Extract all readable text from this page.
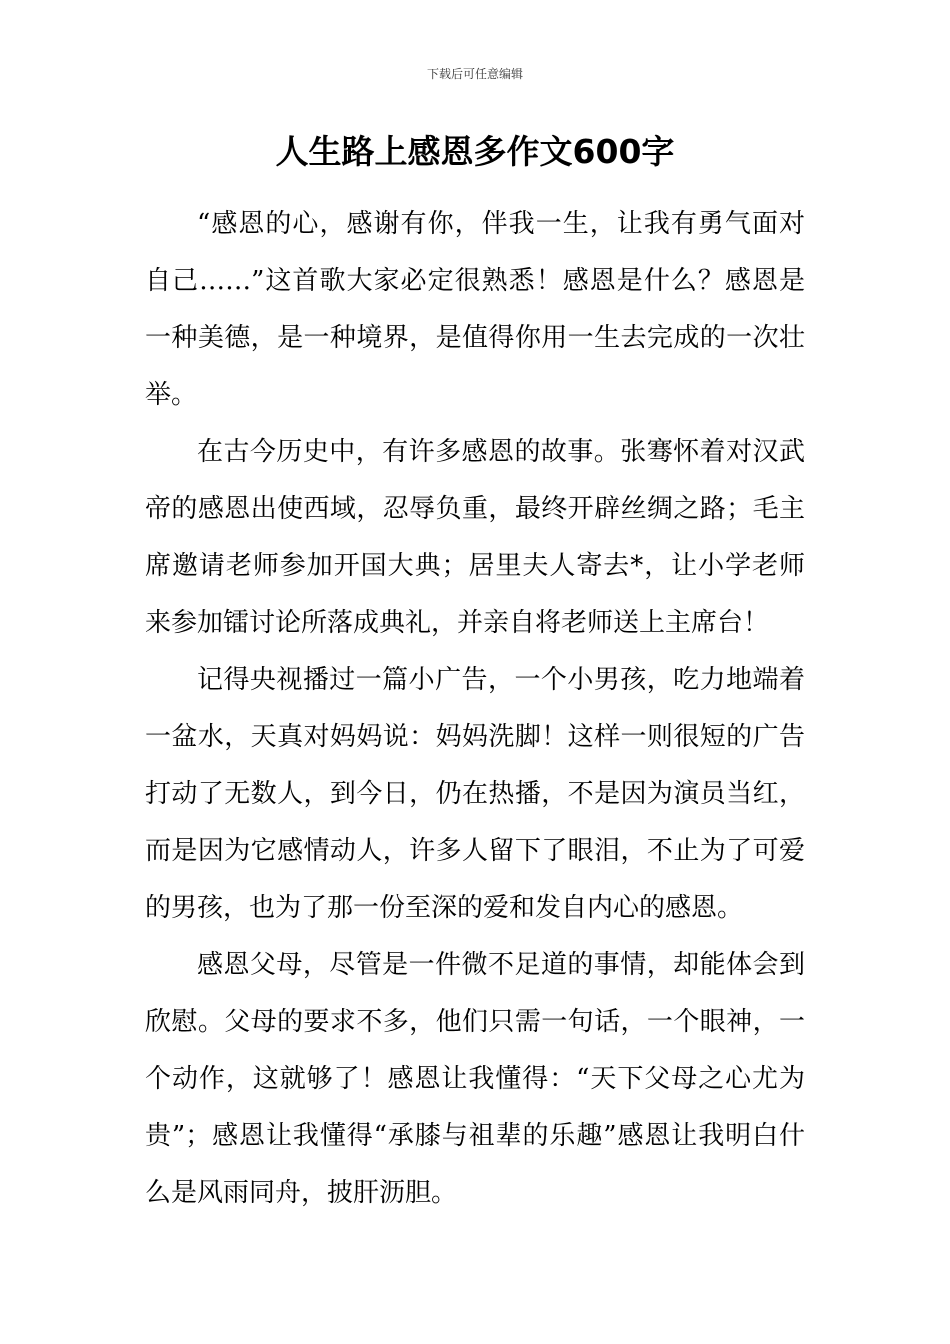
下载后可任意编辑
人生路上感恩多作文600字

“感恩的心，感谢有你，伴我一生，让我有勇气面对自己……”这首歌大家必定很熟悉！感恩是什么？感恩是一种美德，是一种境界，是值得你用一生去完成的一次壮举。

在古今历史中，有许多感恩的故事。张骞怀着对汉武帝的感恩出使西域，忍辱负重，最终开辟丝绸之路；毛主席邀请老师参加开国大典；居里夫人寄去*，让小学老师来参加镭讨论所落成典礼，并亲自将老师送上主席台！

记得央视播过一篇小广告，一个小男孩，吃力地端着一盆水，天真对妈妈说：妈妈洗脚！这样一则很短的广告打动了无数人，到今日，仍在热播，不是因为演员当红，而是因为它感情动人，许多人留下了眼泪，不止为了可爱的男孩，也为了那一份至深的爱和发自内心的感恩。

感恩父母，尽管是一件微不足道的事情，却能体会到欣慰。父母的要求不多，他们只需一句话，一个眼神，一个动作，这就够了！感恩让我懂得：“天下父母之心尤为贵”；感恩让我懂得“承膝与祖辈的乐趣”感恩让我明白什么是风雨同舟，披肝沥胆。
